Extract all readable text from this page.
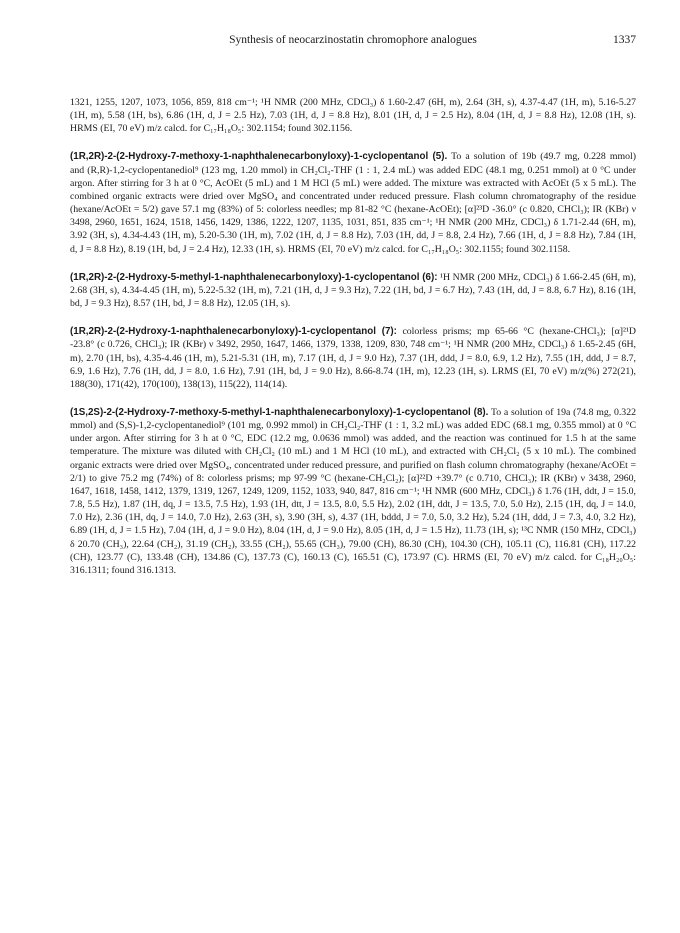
Synthesis of neocarzinostatin chromophore analogues	1337

1321, 1255, 1207, 1073, 1056, 859, 818 cm⁻¹; ¹H NMR (200 MHz, CDCl₃) δ 1.60-2.47 (6H, m), 2.64 (3H, s), 4.37-4.47 (1H, m), 5.16-5.27 (1H, m), 5.58 (1H, bs), 6.86 (1H, d, J = 2.5 Hz), 7.03 (1H, d, J = 8.8 Hz), 8.01 (1H, d, J = 2.5 Hz), 8.04 (1H, d, J = 8.8 Hz), 12.08 (1H, s). HRMS (EI, 70 eV) m/z calcd. for C₁₇H₁₈O₅: 302.1154; found 302.1156.

(1R,2R)-2-(2-Hydroxy-7-methoxy-1-naphthalenecarbonyloxy)-1-cyclopentanol (5). To a solution of 19b (49.7 mg, 0.228 mmol) and (R,R)-1,2-cyclopentanediol⁹ (123 mg, 1.20 mmol) in CH₂Cl₂-THF (1 : 1, 2.4 mL) was added EDC (48.1 mg, 0.251 mmol) at 0 °C under argon. After stirring for 3 h at 0 °C, AcOEt (5 mL) and 1 M HCl (5 mL) were added. The mixture was extracted with AcOEt (5 x 5 mL). The combined organic extracts were dried over MgSO₄ and concentrated under reduced pressure. Flash column chromatography of the residue (hexane/AcOEt = 5/2) gave 57.1 mg (83%) of 5: colorless needles; mp 81-82 °C (hexane-AcOEt); [α]²³D -36.0° (c 0.820, CHCl₃); IR (KBr) ν 3498, 2960, 1651, 1624, 1518, 1456, 1429, 1386, 1222, 1207, 1135, 1031, 851, 835 cm⁻¹; ¹H NMR (200 MHz, CDCl₃) δ 1.71-2.44 (6H, m), 3.92 (3H, s), 4.34-4.43 (1H, m), 5.20-5.30 (1H, m), 7.02 (1H, d, J = 8.8 Hz), 7.03 (1H, dd, J = 8.8, 2.4 Hz), 7.66 (1H, d, J = 8.8 Hz), 7.84 (1H, d, J = 8.8 Hz), 8.19 (1H, bd, J = 2.4 Hz), 12.33 (1H, s). HRMS (EI, 70 eV) m/z calcd. for C₁₇H₁₈O₅: 302.1155; found 302.1158.

(1R,2R)-2-(2-Hydroxy-5-methyl-1-naphthalenecarbonyloxy)-1-cyclopentanol (6): ¹H NMR (200 MHz, CDCl₃) δ 1.66-2.45 (6H, m), 2.68 (3H, s), 4.34-4.45 (1H, m), 5.22-5.32 (1H, m), 7.21 (1H, d, J = 9.3 Hz), 7.22 (1H, bd, J = 6.7 Hz), 7.43 (1H, dd, J = 8.8, 6.7 Hz), 8.16 (1H, bd, J = 9.3 Hz), 8.57 (1H, bd, J = 8.8 Hz), 12.05 (1H, s).

(1R,2R)-2-(2-Hydroxy-1-naphthalenecarbonyloxy)-1-cyclopentanol (7): colorless prisms; mp 65-66 °C (hexane-CHCl₃); [α]²¹D -23.8° (c 0.726, CHCl₃); IR (KBr) ν 3492, 2950, 1647, 1466, 1379, 1338, 1209, 830, 748 cm⁻¹; ¹H NMR (200 MHz, CDCl₃) δ 1.65-2.45 (6H, m), 2.70 (1H, bs), 4.35-4.46 (1H, m), 5.21-5.31 (1H, m), 7.17 (1H, d, J = 9.0 Hz), 7.37 (1H, ddd, J = 8.0, 6.9, 1.2 Hz), 7.55 (1H, ddd, J = 8.7, 6.9, 1.6 Hz), 7.76 (1H, dd, J = 8.0, 1.6 Hz), 7.91 (1H, bd, J = 9.0 Hz), 8.66-8.74 (1H, m), 12.23 (1H, s). LRMS (EI, 70 eV) m/z(%) 272(21), 188(30), 171(42), 170(100), 138(13), 115(22), 114(14).

(1S,2S)-2-(2-Hydroxy-7-methoxy-5-methyl-1-naphthalenecarbonyloxy)-1-cyclopentanol (8). To a solution of 19a (74.8 mg, 0.322 mmol) and (S,S)-1,2-cyclopentanediol⁹ (101 mg, 0.992 mmol) in CH₂Cl₂-THF (1 : 1, 3.2 mL) was added EDC (68.1 mg, 0.355 mmol) at 0 °C under argon. After stirring for 3 h at 0 °C, EDC (12.2 mg, 0.0636 mmol) was added, and the reaction was continued for 1.5 h at the same temperature. The mixture was diluted with CH₂Cl₂ (10 mL) and 1 M HCl (10 mL), and extracted with CH₂Cl₂ (5 x 10 mL). The combined organic extracts were dried over MgSO₄, concentrated under reduced pressure, and purified on flash column chromatography (hexane/AcOEt = 2/1) to give 75.2 mg (74%) of 8: colorless prisms; mp 97-99 °C (hexane-CH₂Cl₂); [α]²²D +39.7° (c 0.710, CHCl₃); IR (KBr) ν 3438, 2960, 1647, 1618, 1458, 1412, 1379, 1319, 1267, 1249, 1209, 1152, 1033, 940, 847, 816 cm⁻¹; ¹H NMR (600 MHz, CDCl₃) δ 1.76 (1H, ddt, J = 15.0, 7.8, 5.5 Hz), 1.87 (1H, dq, J = 13.5, 7.5 Hz), 1.93 (1H, dtt, J = 13.5, 8.0, 5.5 Hz), 2.02 (1H, ddt, J = 13.5, 7.0, 5.0 Hz), 2.15 (1H, dq, J = 14.0, 7.0 Hz), 2.36 (1H, dq, J = 14.0, 7.0 Hz), 2.63 (3H, s), 3.90 (3H, s), 4.37 (1H, bddd, J = 7.0, 5.0, 3.2 Hz), 5.24 (1H, ddd, J = 7.3, 4.0, 3.2 Hz), 6.89 (1H, d, J = 1.5 Hz), 7.04 (1H, d, J = 9.0 Hz), 8.04 (1H, d, J = 9.0 Hz), 8.05 (1H, d, J = 1.5 Hz), 11.73 (1H, s); ¹³C NMR (150 MHz, CDCl₃) δ 20.70 (CH₃), 22.64 (CH₂), 31.19 (CH₂), 33.55 (CH₂), 55.65 (CH₃), 79.00 (CH), 86.30 (CH), 104.30 (CH), 105.11 (C), 116.81 (CH), 117.22 (CH), 123.77 (C), 133.48 (CH), 134.86 (C), 137.73 (C), 160.13 (C), 165.51 (C), 173.97 (C). HRMS (EI, 70 eV) m/z calcd. for C₁₈H₂₀O₅: 316.1311; found 316.1313.
